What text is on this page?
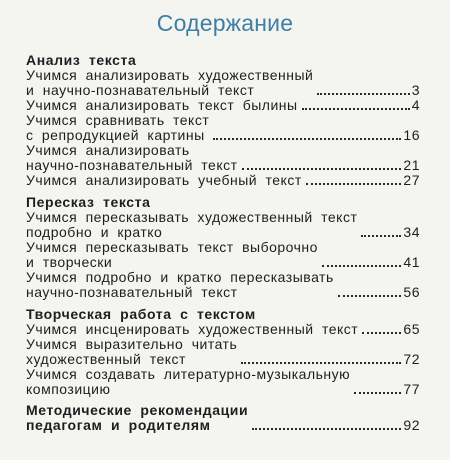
Содержание
Анализ текста
Учимся анализировать художественный
и научно-познавательный текст	3
Учимся анализировать текст былины	4
Учимся сравнивать текст
с репродукцией картины	16
Учимся анализировать
научно-познавательный текст	21
Учимся анализировать учебный текст	27
Пересказ текста
Учимся пересказывать художественный текст
подробно и кратко	34
Учимся пересказывать текст выборочно
и творчески	41
Учимся подробно и кратко пересказывать
научно-познавательный текст	56
Творческая работа с текстом
Учимся инсценировать художественный текст	65
Учимся выразительно читать
художественный текст	72
Учимся создавать литературно-музыкальную
композицию	77
Методические рекомендации
педагогам и родителям	92
